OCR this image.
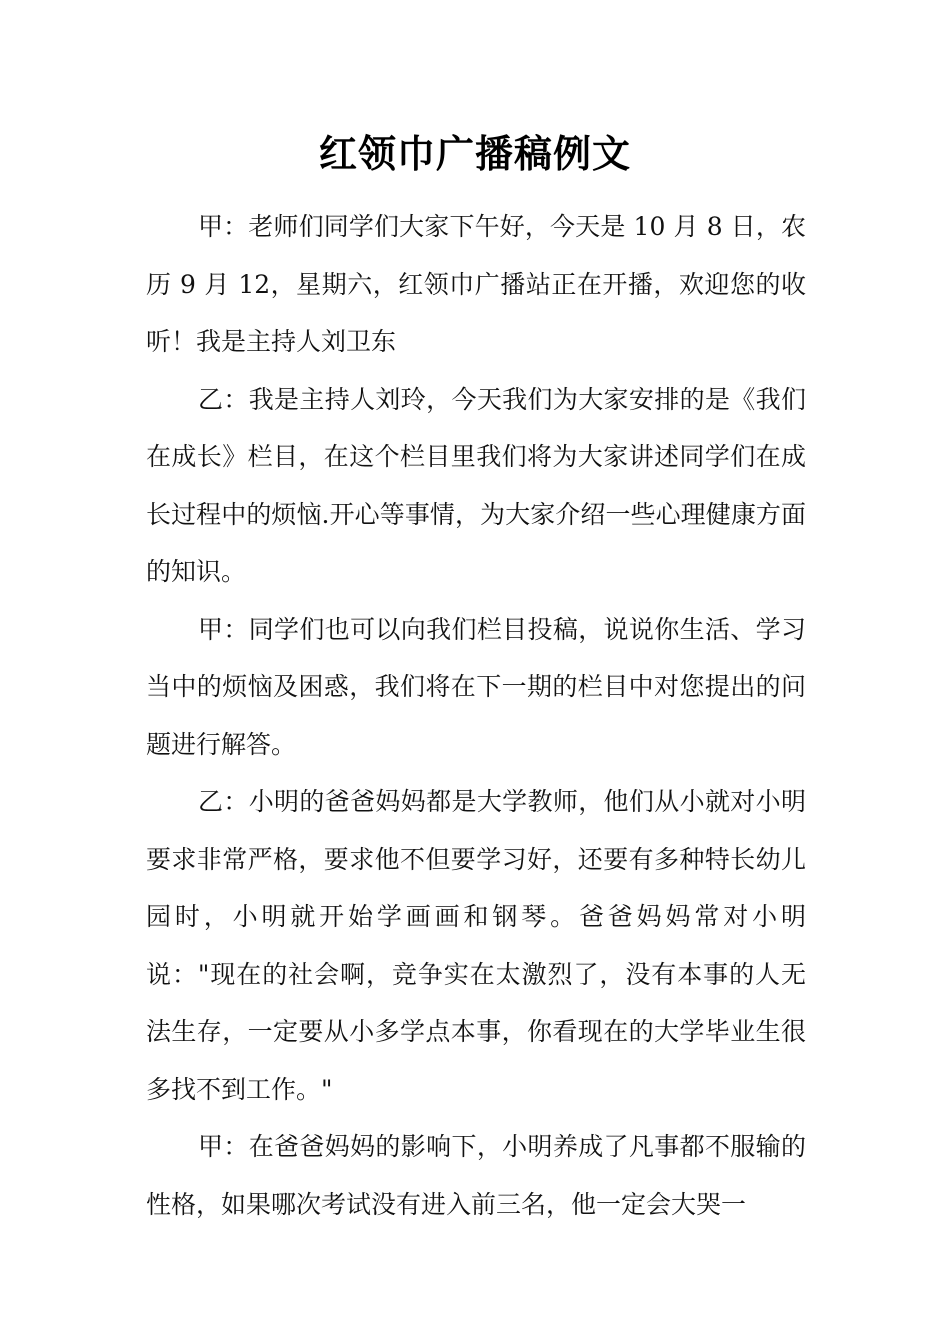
红领巾广播稿例文

甲：老师们同学们大家下午好，今天是 10 月 8 日，农历 9 月 12，星期六，红领巾广播站正在开播，欢迎您的收听！我是主持人刘卫东

乙：我是主持人刘玲，今天我们为大家安排的是《我们在成长》栏目，在这个栏目里我们将为大家讲述同学们在成长过程中的烦恼.开心等事情，为大家介绍一些心理健康方面的知识。

甲：同学们也可以向我们栏目投稿，说说你生活、学习当中的烦恼及困惑，我们将在下一期的栏目中对您提出的问题进行解答。

乙：小明的爸爸妈妈都是大学教师，他们从小就对小明要求非常严格，要求他不但要学习好，还要有多种特长幼儿园时，小明就开始学画画和钢琴。爸爸妈妈常对小明说："现在的社会啊，竞争实在太激烈了，没有本事的人无法生存，一定要从小多学点本事，你看现在的大学毕业生很多找不到工作。"

甲：在爸爸妈妈的影响下，小明养成了凡事都不服输的性格，如果哪次考试没有进入前三名，他一定会大哭一
